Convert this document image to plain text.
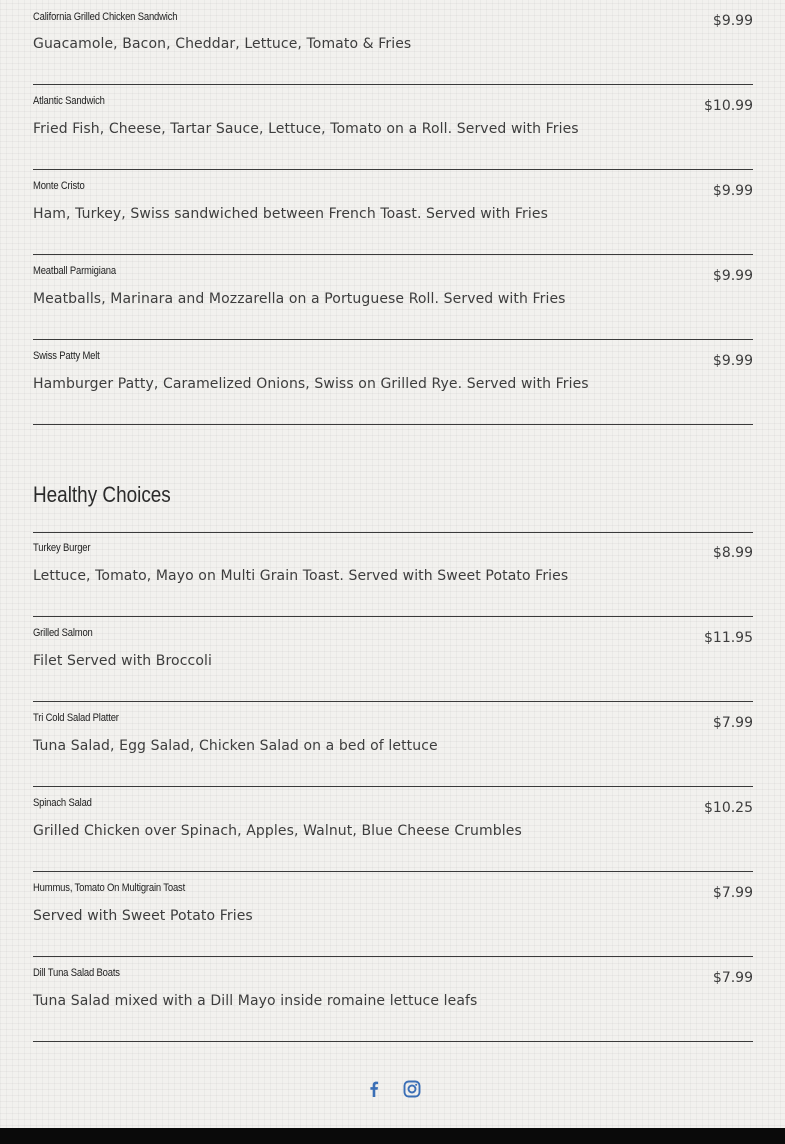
California Grilled Chicken Sandwich
Guacamole, Bacon, Cheddar, Lettuce, Tomato & Fries
$9.99
Atlantic Sandwich
Fried Fish, Cheese, Tartar Sauce, Lettuce, Tomato on a Roll. Served with Fries
$10.99
Monte Cristo
Ham, Turkey, Swiss sandwiched between French Toast. Served with Fries
$9.99
Meatball Parmigiana
Meatballs, Marinara and Mozzarella on a Portuguese Roll. Served with Fries
$9.99
Swiss Patty Melt
Hamburger Patty, Caramelized Onions, Swiss on Grilled Rye. Served with Fries
$9.99
Healthy Choices
Turkey Burger
Lettuce, Tomato, Mayo on Multi Grain Toast. Served with Sweet Potato Fries
$8.99
Grilled Salmon
Filet Served with Broccoli
$11.95
Tri Cold Salad Platter
Tuna Salad, Egg Salad, Chicken Salad on a bed of lettuce
$7.99
Spinach Salad
Grilled Chicken over Spinach, Apples, Walnut, Blue Cheese Crumbles
$10.25
Hummus, Tomato On Multigrain Toast
Served with Sweet Potato Fries
$7.99
Dill Tuna Salad Boats
Tuna Salad mixed with a Dill Mayo inside romaine lettuce leafs
$7.99
